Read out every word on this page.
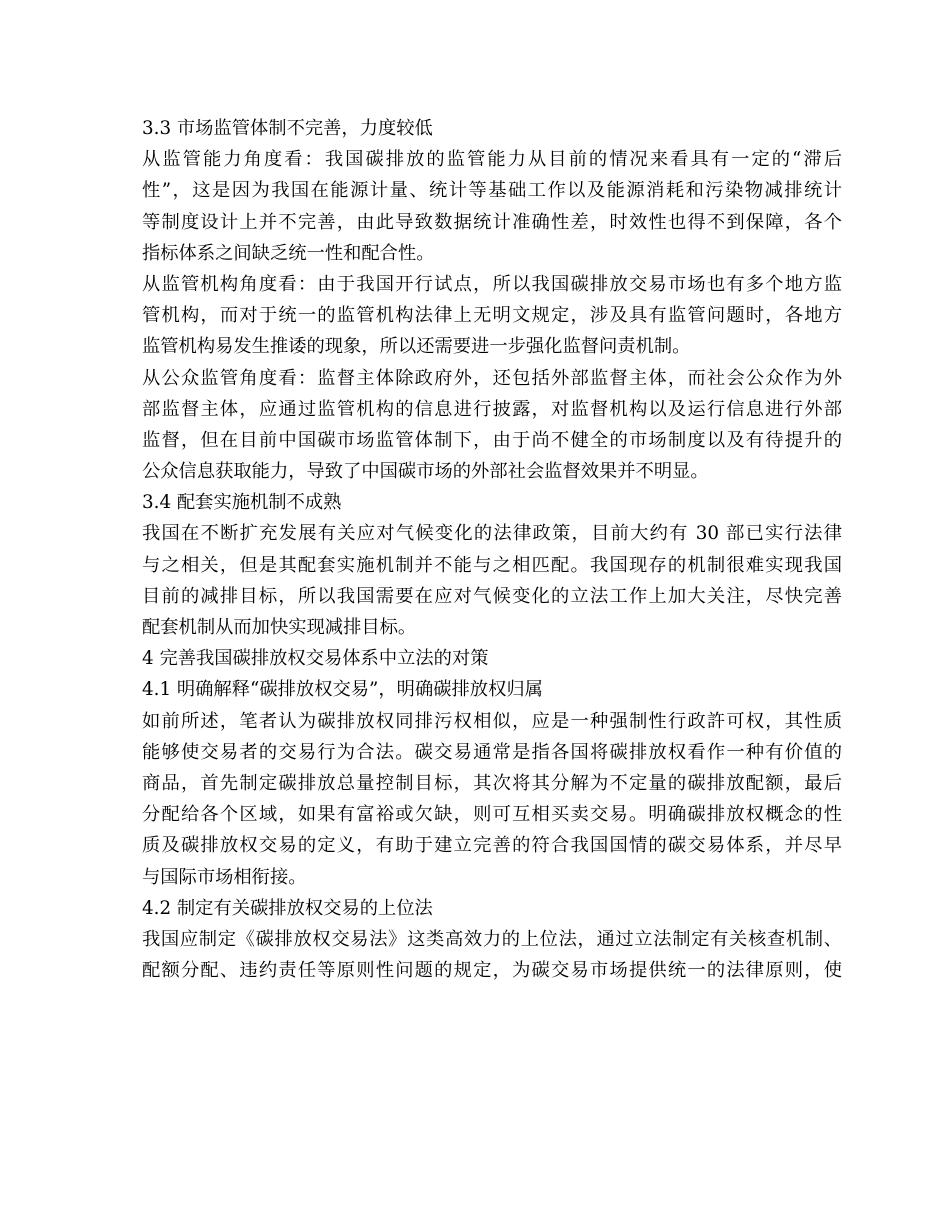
3.3 市场监管体制不完善，力度较低
从监管能力角度看：我国碳排放的监管能力从目前的情况来看具有一定的“滞后
性”，这是因为我国在能源计量、统计等基础工作以及能源消耗和污染物减排统计
等制度设计上并不完善，由此导致数据统计准确性差，时效性也得不到保障，各个
指标体系之间缺乏统一性和配合性。
从监管机构角度看：由于我国开行试点，所以我国碳排放交易市场也有多个地方监
管机构，而对于统一的监管机构法律上无明文规定，涉及具有监管问题时，各地方
监管机构易发生推诿的现象，所以还需要进一步强化监督问责机制。
从公众监管角度看：监督主体除政府外，还包括外部监督主体，而社会公众作为外
部监督主体，应通过监管机构的信息进行披露，对监督机构以及运行信息进行外部
监督，但在目前中国碳市场监管体制下，由于尚不健全的市场制度以及有待提升的
公众信息获取能力，导致了中国碳市场的外部社会监督效果并不明显。
3.4 配套实施机制不成熟
我国在不断扩充发展有关应对气候变化的法律政策，目前大约有 30 部已实行法律
与之相关，但是其配套实施机制并不能与之相匹配。我国现存的机制很难实现我国
目前的减排目标，所以我国需要在应对气候变化的立法工作上加大关注，尽快完善
配套机制从而加快实现减排目标。
4 完善我国碳排放权交易体系中立法的对策
4.1 明确解释“碳排放权交易”，明确碳排放权归属
如前所述，笔者认为碳排放权同排污权相似，应是一种强制性行政許可权，其性质
能够使交易者的交易行为合法。碳交易通常是指各国将碳排放权看作一种有价值的
商品，首先制定碳排放总量控制目标，其次将其分解为不定量的碳排放配额，最后
分配给各个区域，如果有富裕或欠缺，则可互相买卖交易。明确碳排放权概念的性
质及碳排放权交易的定义，有助于建立完善的符合我国国情的碳交易体系，并尽早
与国际市场相衔接。
4.2 制定有关碳排放权交易的上位法
我国应制定《碳排放权交易法》这类高效力的上位法，通过立法制定有关核查机制、
配额分配、违约责任等原则性问题的规定，为碳交易市场提供统一的法律原则，使
